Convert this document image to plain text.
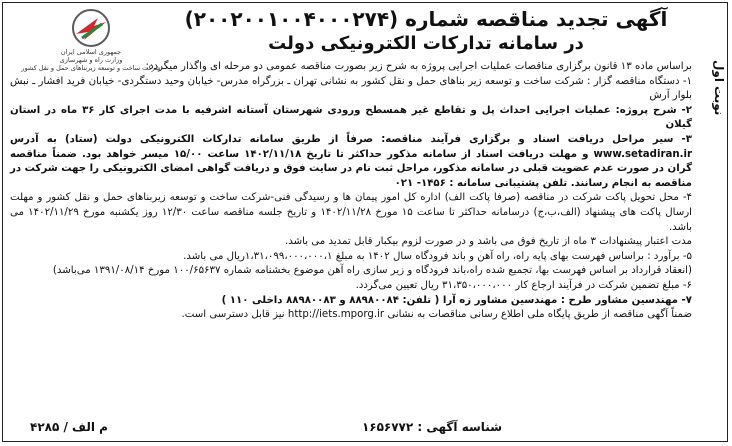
نوبت اول
جمهوری اسلامی ایران
وزارت راه و شهرسازی
شرکت ساخت و توسعه زیربناهای حمل و نقل کشور
آگهی تجدید مناقصه شماره (۲۰۰۲۰۰۱۰۰۴۰۰۰۲۷۴)
در سامانه تدارکات الکترونیکی دولت

براساس ماده ۱۳ قانون برگزاری مناقصات عملیات اجرایی پروژه به شرح زیر بصورت مناقصه عمومی دو مرحله ای واگذار میگردد:

۱- دستگاه مناقصه گزار : شرکت ساخت و توسعه زیر بناهای حمل و نقل کشور به نشانی تهران ـ بزرگراه مدرس- خیابان وحید دستگردی- خیابان فرید افشار ـ نبش بلوار آرش

۲- شرح پروژه: عملیات اجرایی احداث پل و تقاطع غیر همسطح ورودی شهرستان آستانه اشرفیه با مدت اجرای کار ۳۶ ماه در استان گیلان

۳- سیر مراحل دریافت اسناد و برگزاری فرآیند مناقصه: صرفاً از طریق سامانه تدارکات الکترونیکی دولت (ستاد) به آدرس www.setadiran.ir و مهلت دریافت اسناد از سامانه مذکور حداکثر تا تاریخ ۱۴۰۲/۱۱/۱۸ ساعت ۱۵/۰۰ میسر خواهد بود. ضمناً مناقصه گران در صورت عدم عضویت قبلی در سامانه مذکور، مراحل ثبت نام در سایت فوق و دریافت گواهی امضای الکترونیکی را جهت شرکت در مناقصه به انجام رسانند. تلفن پشتیبانی سامانه : ۱۴۵۶- ۰۲۱

۴- محل تحویل پاکت شرکت در مناقصه (صرفا پاکت الف) اداره کل امور پیمان ها و رسیدگی فنی-شرکت ساخت و توسعه زیربناهای حمل و نقل کشور و مهلت ارسال پاکت های پیشنهاد (الف،ب،ج) درسامانه حداکثر تا ساعت ۱۵ مورخ ۱۴۰۲/۱۱/۲۸ و تاریخ جلسه مناقصه ساعت ۱۲/۳۰ روز یکشنبه مورخ ۱۴۰۲/۱۱/۲۹ می باشد.

مدت اعتبار پیشنهادات ۳ ماه از تاریخ فوق می باشد و در صورت لزوم بیکبار قابل تمدید می باشد.

۵- برآورد : براساس فهرست بهای پایه راه، راه آهن و باند فرودگاه سال ۱۴۰۲ به مبلغ ۱،۳۱،۰۹۹،۰۰۰،۰۰۰،۱ریال می باشد.

(انعقاد قرارداد بر اساس فهرست بها، تجمیع شده راه،باند فرودگاه و زیر سازی راه آهن موضوع بخشنامه شماره ۱۰۰/۶۵۶۳۷ مورخ ۱۳۹۱/۰۸/۱۴ می‌باشد)

۶- مبلغ تضمین شرکت در فرآیند ارجاع کار ۳۱،۳۵۰،۰۰۰،۰۰۰ ریال تعیین می‌گردد.

۷- مهندسین مشاور طرح : مهندسین مشاور زه آرا ( تلفن: ۸۸۹۸۰۰۸۴ و ۸۸۹۸۰۰۸۳ داخلی ۱۱۰ )

ضمناً آگهی مناقصه از طریق پایگاه ملی اطلاع رسانی مناقصات به نشانی http://iets.mporg.ir نیز قابل دسترسی است.

شناسه آگهی : ۱۶۵۶۷۷۲
م الف / ۴۲۸۵
